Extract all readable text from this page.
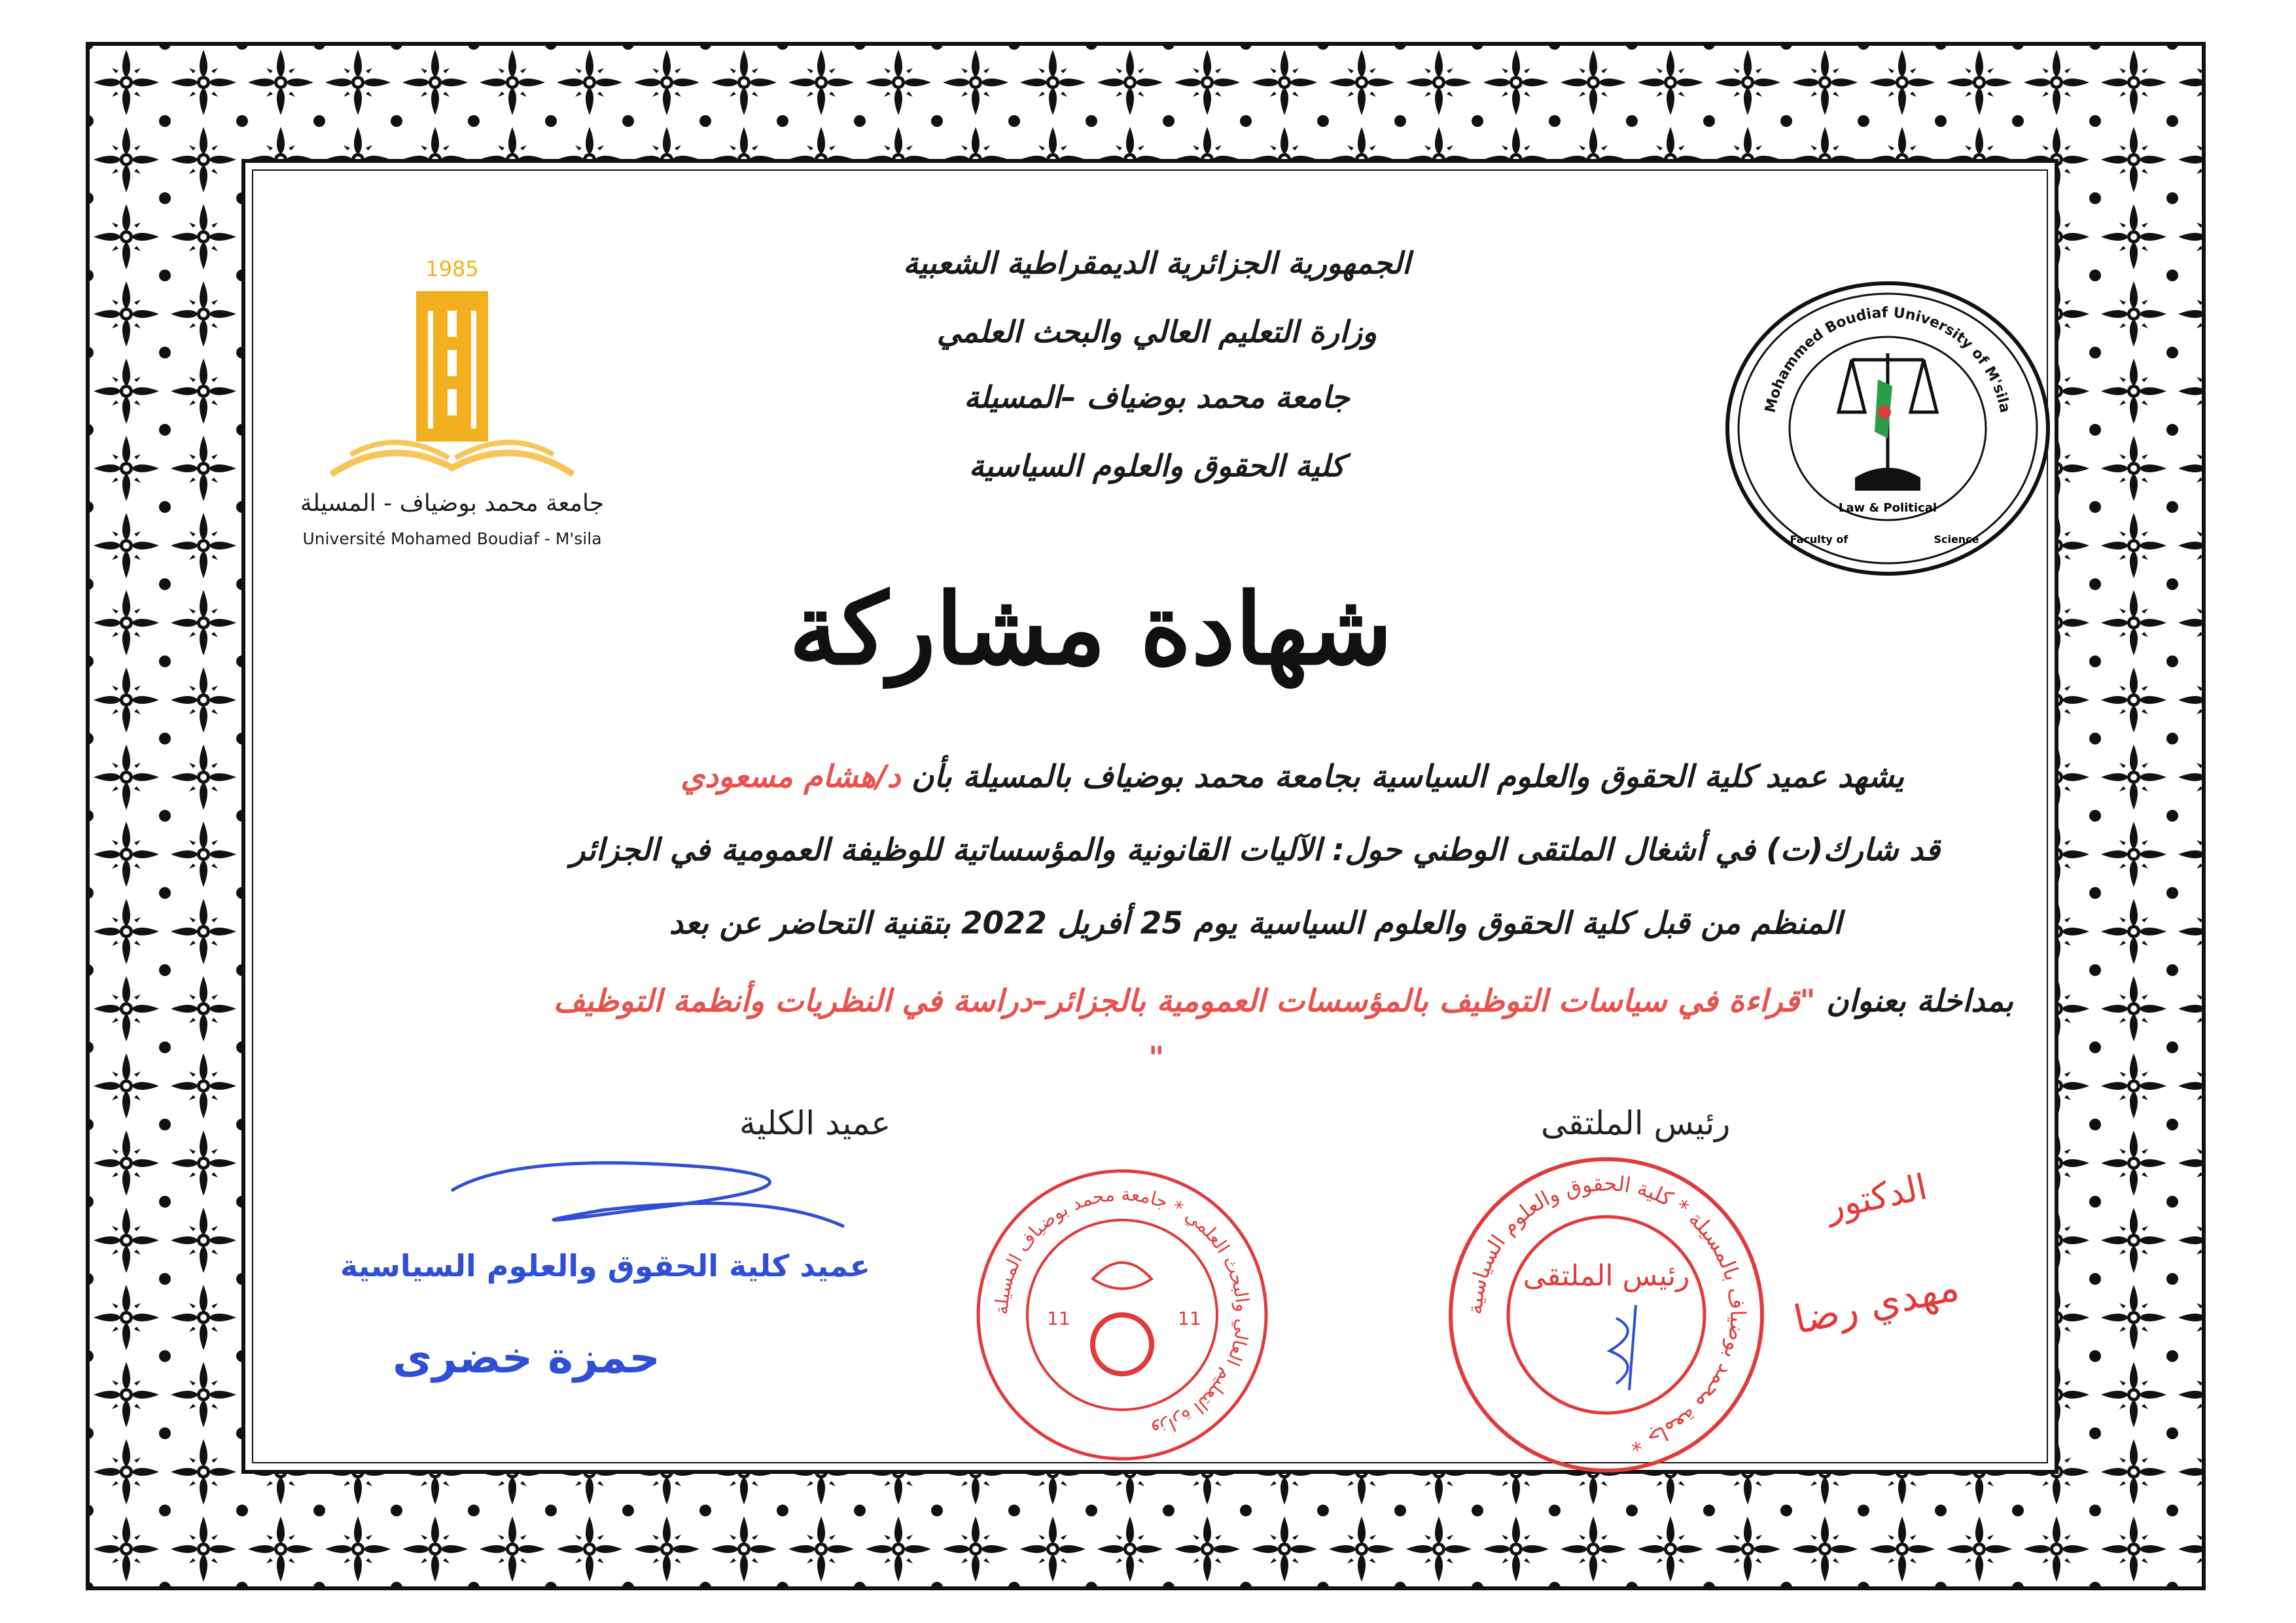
الجمهورية الجزائرية الديمقراطية الشعبية
وزارة التعليم العالي والبحث العلمي
جامعة محمد بوضياف –المسيلة
كلية الحقوق والعلوم السياسية
1985
جامعة محمد بوضياف - المسيلة
Université Mohamed Boudiaf - M'sila
Mohammed Boudiaf University of M'sila
Law & Political
Faculty of	Science
شهادة مشاركة
يشهد عميد كلية الحقوق والعلوم السياسية بجامعة محمد بوضياف بالمسيلة بأن د/هشام مسعودي
قد شارك(ت) في أشغال الملتقى الوطني حول: الآليات القانونية والمؤسساتية للوظيفة العمومية في الجزائر
المنظم من قبل كلية الحقوق والعلوم السياسية يوم 25 أفريل 2022 بتقنية التحاضر عن بعد
بمداخلة بعنوان "قراءة في سياسات التوظيف بالمؤسسات العمومية بالجزائر–دراسة في النظريات وأنظمة التوظيف
"
عميد الكلية	رئيس الملتقى
وزارة التعليم العالي والبحث العلمي * جامعة محمد بوضياف المسيلة
11	11
عميد كلية الحقوق والعلوم السياسية
حمزة خضرى
جامعة محمد بوضياف بالمسيلة * كلية الحقوق والعلوم السياسية *
رئيس الملتقى
الدكتور
مهدي رضا
